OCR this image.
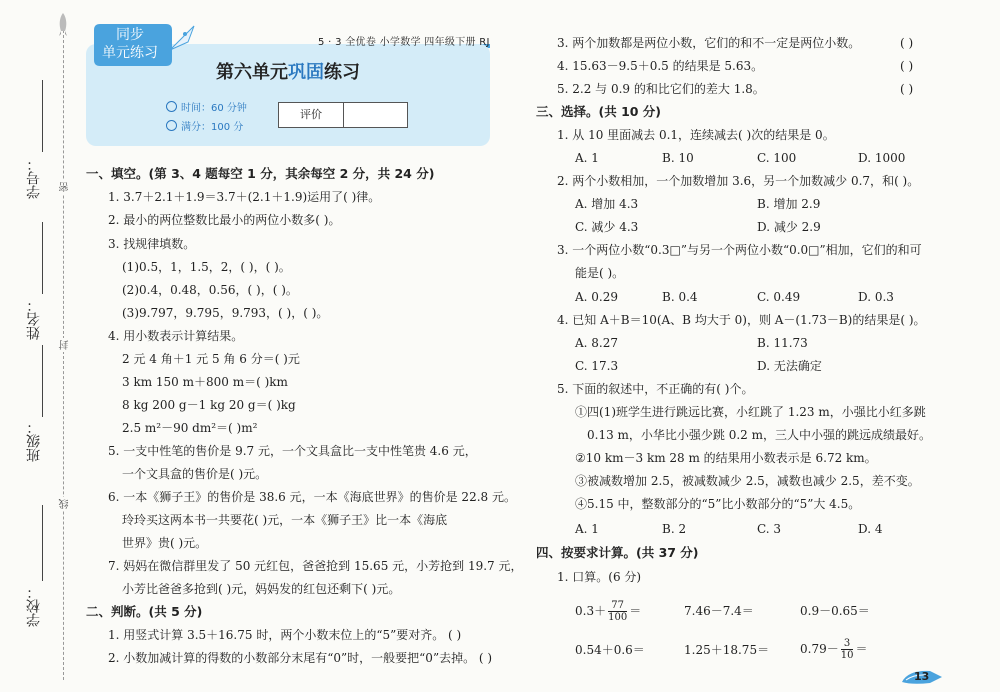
密
封
线
学号：
姓名：
班级：
学校：
同步
单元练习
5 · 3 全优卷 小学数学 四年级下册 RJ
第六单元巩固练习
时间：60 分钟
满分：100 分
评价
一、填空。(第 3、4 题每空 1 分，其余每空 2 分，共 24 分)
1. 3.7＋2.1＋1.9＝3.7＋(2.1＋1.9)运用了( )律。
2. 最小的两位整数比最小的两位小数多( )。
3. 找规律填数。
(1)0.5，1，1.5，2，( )，( )。
(2)0.4，0.48，0.56，( )，( )。
(3)9.797，9.795，9.793，( )，( )。
4. 用小数表示计算结果。
2 元 4 角＋1 元 5 角 6 分＝( )元
3 km 150 m＋800 m＝( )km
8 kg 200 g－1 kg 20 g＝( )kg
2.5 m²－90 dm²＝( )m²
5. 一支中性笔的售价是 9.7 元，一个文具盒比一支中性笔贵 4.6 元，
一个文具盒的售价是( )元。
6. 一本《狮子王》的售价是 38.6 元，一本《海底世界》的售价是 22.8 元。
玲玲买这两本书一共要花( )元，一本《狮子王》比一本《海底
世界》贵( )元。
7. 妈妈在微信群里发了 50 元红包，爸爸抢到 15.65 元，小芳抢到 19.7 元，
小芳比爸爸多抢到( )元，妈妈发的红包还剩下( )元。
二、判断。(共 5 分)
1. 用竖式计算 3.5＋16.75 时，两个小数末位上的“5”要对齐。 ( )
2. 小数加减计算的得数的小数部分末尾有“0”时，一般要把“0”去掉。 ( )
3. 两个加数都是两位小数，它们的和不一定是两位小数。	( )
4. 15.63－9.5＋0.5 的结果是 5.63。	( )
5. 2.2 与 0.9 的和比它们的差大 1.8。	( )
三、选择。(共 10 分)
1. 从 10 里面减去 0.1，连续减去( )次的结果是 0。
A. 1	B. 10	C. 100	D. 1000
2. 两个小数相加，一个加数增加 3.6，另一个加数减少 0.7，和( )。
A. 增加 4.3	B. 增加 2.9
C. 减少 4.3	D. 减少 2.9
3. 一个两位小数“0.3□”与另一个两位小数“0.0□”相加，它们的和可
能是( )。
A. 0.29	B. 0.4	C. 0.49	D. 0.3
4. 已知 A＋B＝10(A、B 均大于 0)，则 A－(1.73－B)的结果是( )。
A. 8.27	B. 11.73
C. 17.3	D. 无法确定
5. 下面的叙述中，不正确的有( )个。
①四(1)班学生进行跳远比赛，小红跳了 1.23 m，小强比小红多跳
0.13 m，小华比小强少跳 0.2 m，三人中小强的跳远成绩最好。
②10 km－3 km 28 m 的结果用小数表示是 6.72 km。
③被减数增加 2.5，被减数减少 2.5，减数也减少 2.5，差不变。
④5.15 中，整数部分的“5”比小数部分的“5”大 4.5。
A. 1	B. 2	C. 3	D. 4
四、按要求计算。(共 37 分)
1. 口算。(6 分)
$0.3+ \frac{77}{100}$ ＝	7.46－7.4＝	0.9－0.65＝
0.54＋0.6＝	1.25＋18.75＝	$0.79- \frac{3}{10}$ ＝
13
